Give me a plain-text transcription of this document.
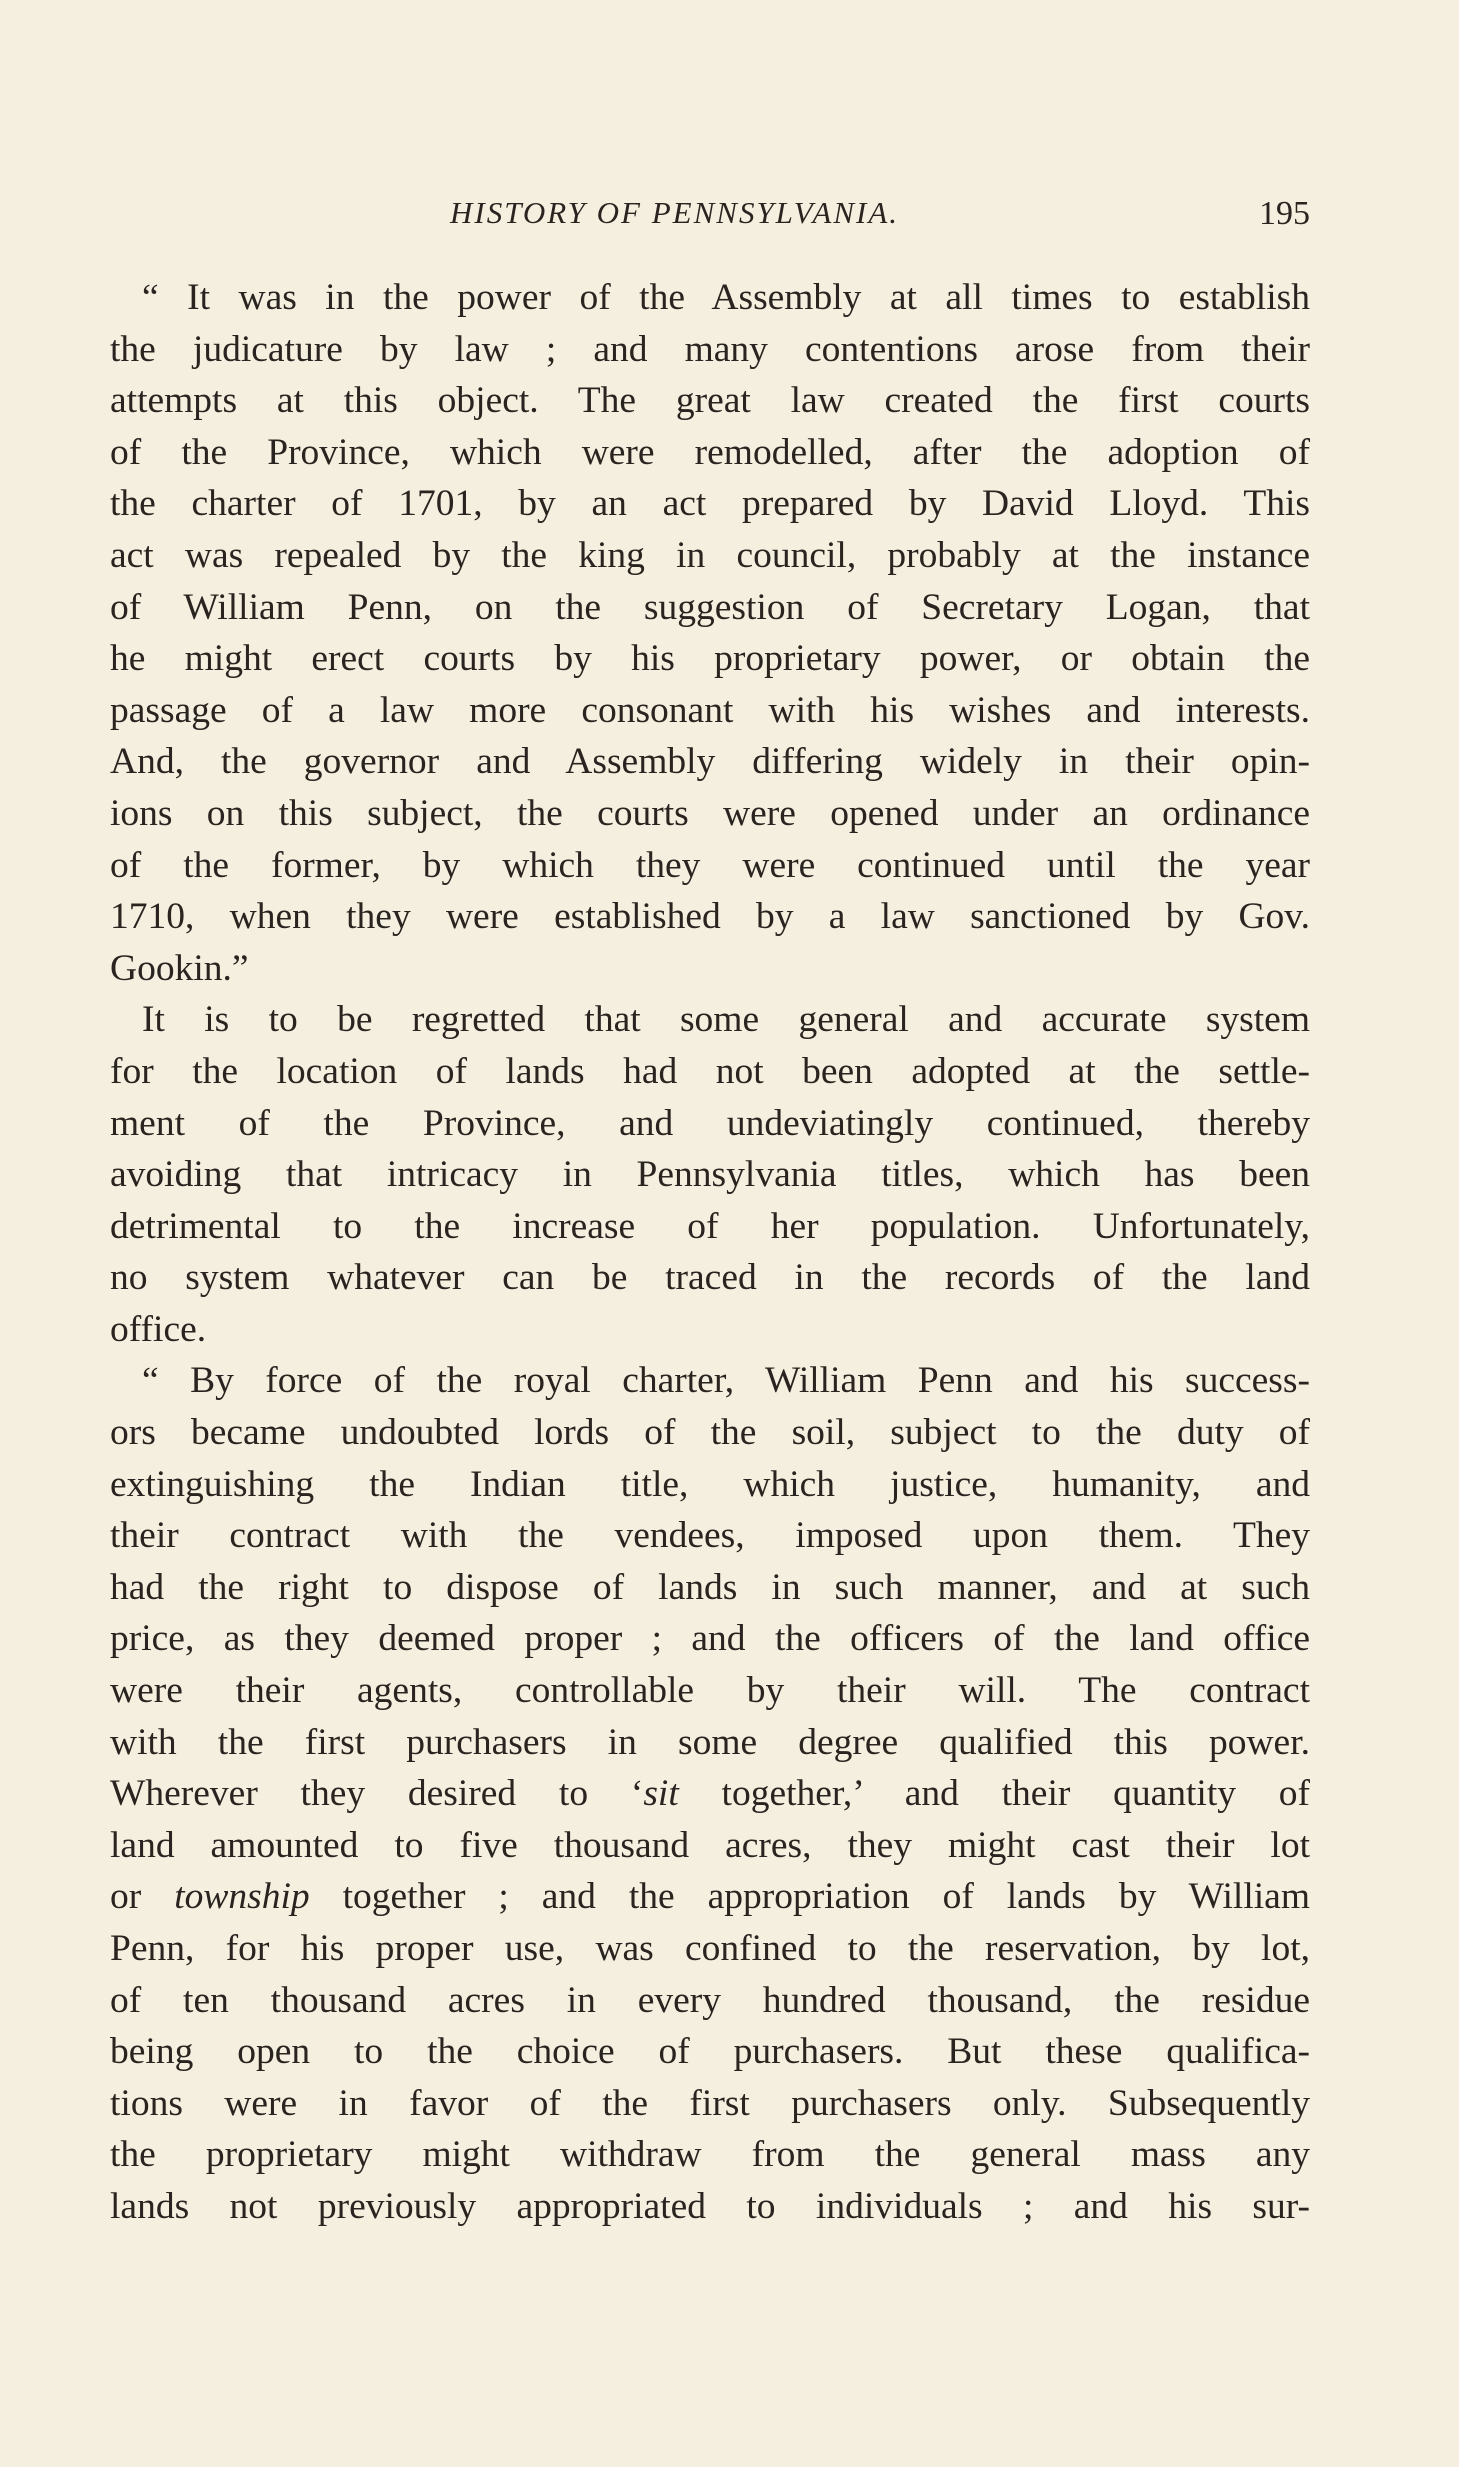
HISTORY OF PENNSYLVANIA.	195
“ It was in the power of the Assembly at all times to establish
the judicature by law ; and many contentions arose from their
attempts at this object. The great law created the first courts
of the Province, which were remodelled, after the adoption of
the charter of 1701, by an act prepared by David Lloyd. This
act was repealed by the king in council, probably at the instance
of William Penn, on the suggestion of Secretary Logan, that
he might erect courts by his proprietary power, or obtain the
passage of a law more consonant with his wishes and interests.
And, the governor and Assembly differing widely in their opin-
ions on this subject, the courts were opened under an ordinance
of the former, by which they were continued until the year
1710, when they were established by a law sanctioned by Gov.
Gookin.”
It is to be regretted that some general and accurate system
for the location of lands had not been adopted at the settle-
ment of the Province, and undeviatingly continued, thereby
avoiding that intricacy in Pennsylvania titles, which has been
detrimental to the increase of her population. Unfortunately,
no system whatever can be traced in the records of the land
office.
“ By force of the royal charter, William Penn and his success-
ors became undoubted lords of the soil, subject to the duty of
extinguishing the Indian title, which justice, humanity, and
their contract with the vendees, imposed upon them. They
had the right to dispose of lands in such manner, and at such
price, as they deemed proper ; and the officers of the land office
were their agents, controllable by their will. The contract
with the first purchasers in some degree qualified this power.
Wherever they desired to ‘sit together,’ and their quantity of
land amounted to five thousand acres, they might cast their lot
or township together ; and the appropriation of lands by William
Penn, for his proper use, was confined to the reservation, by lot,
of ten thousand acres in every hundred thousand, the residue
being open to the choice of purchasers. But these qualifica-
tions were in favor of the first purchasers only. Subsequently
the proprietary might withdraw from the general mass any
lands not previously appropriated to individuals ; and his sur-
